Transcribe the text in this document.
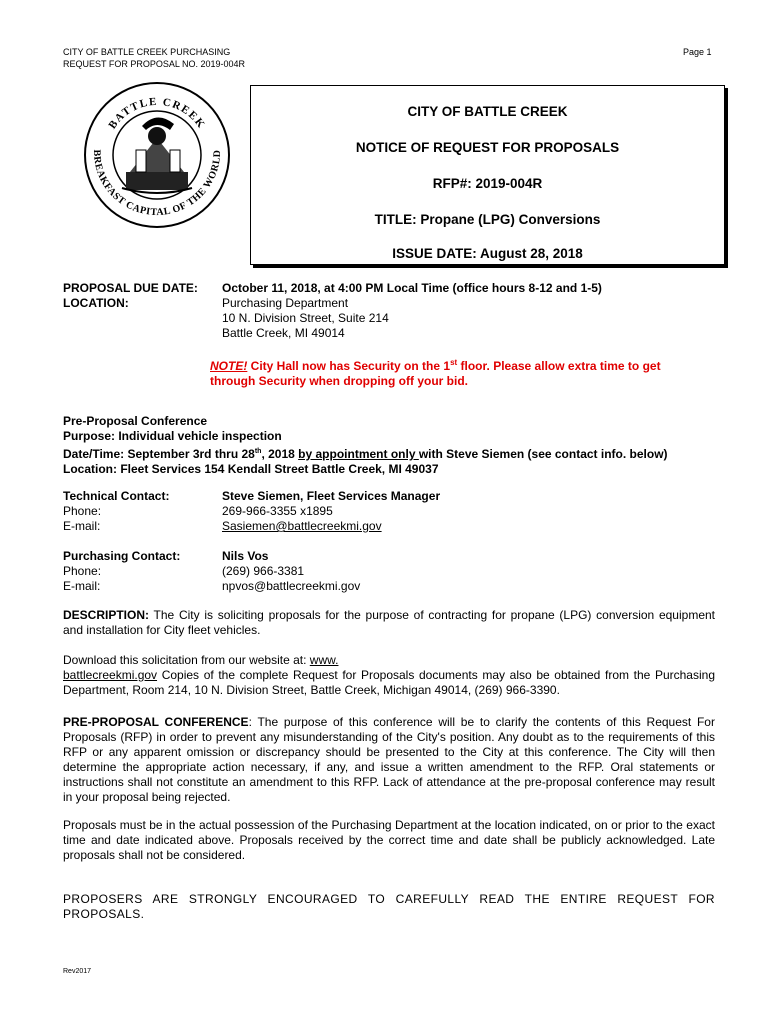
CITY OF BATTLE CREEK PURCHASING
REQUEST FOR PROPOSAL NO. 2019-004R
Page 1
BATTLE CREEK
BREAKFAST CAPITAL OF THE WORLD
CITY OF BATTLE CREEK
NOTICE OF REQUEST FOR PROPOSALS
RFP#: 2019-004R
TITLE: Propane (LPG) Conversions
ISSUE DATE: August 28, 2018
PROPOSAL DUE DATE: October 11, 2018, at 4:00 PM Local Time (office hours 8-12 and 1-5)
LOCATION:	Purchasing Department
10 N. Division Street, Suite 214
Battle Creek, MI 49014
NOTE! City Hall now has Security on the 1st floor. Please allow extra time to get
through Security when dropping off your bid.
Pre-Proposal Conference
Purpose: Individual vehicle inspection
Date/Time: September 3rd thru 28th, 2018 by appointment only with Steve Siemen (see contact info. below)
Location: Fleet Services 154 Kendall Street Battle Creek, MI 49037
Technical Contact:	Steve Siemen, Fleet Services Manager
Phone:	269-966-3355 x1895
E-mail:	Sasiemen@battlecreekmi.gov
Purchasing Contact:	Nils Vos
Phone:	(269) 966-3381
E-mail:	npvos@battlecreekmi.gov
DESCRIPTION: The City is soliciting proposals for the purpose of contracting for propane (LPG) conversion equipment and installation for City fleet vehicles.
Download this solicitation from our website at: www.
battlecreekmi.gov Copies of the complete Request for Proposals documents may also be obtained from the Purchasing Department, Room 214, 10 N. Division Street, Battle Creek, Michigan 49014, (269) 966-3390.
PRE-PROPOSAL CONFERENCE: The purpose of this conference will be to clarify the contents of this Request For Proposals (RFP) in order to prevent any misunderstanding of the City's position. Any doubt as to the requirements of this RFP or any apparent omission or discrepancy should be presented to the City at this conference. The City will then determine the appropriate action necessary, if any, and issue a written amendment to the RFP. Oral statements or instructions shall not constitute an amendment to this RFP. Lack of attendance at the pre-proposal conference may result in your proposal being rejected.
Proposals must be in the actual possession of the Purchasing Department at the location indicated, on or prior to the exact time and date indicated above. Proposals received by the correct time and date shall be publicly acknowledged. Late proposals shall not be considered.
PROPOSERS ARE STRONGLY ENCOURAGED TO CAREFULLY READ THE ENTIRE REQUEST FOR PROPOSALS.
Rev2017
